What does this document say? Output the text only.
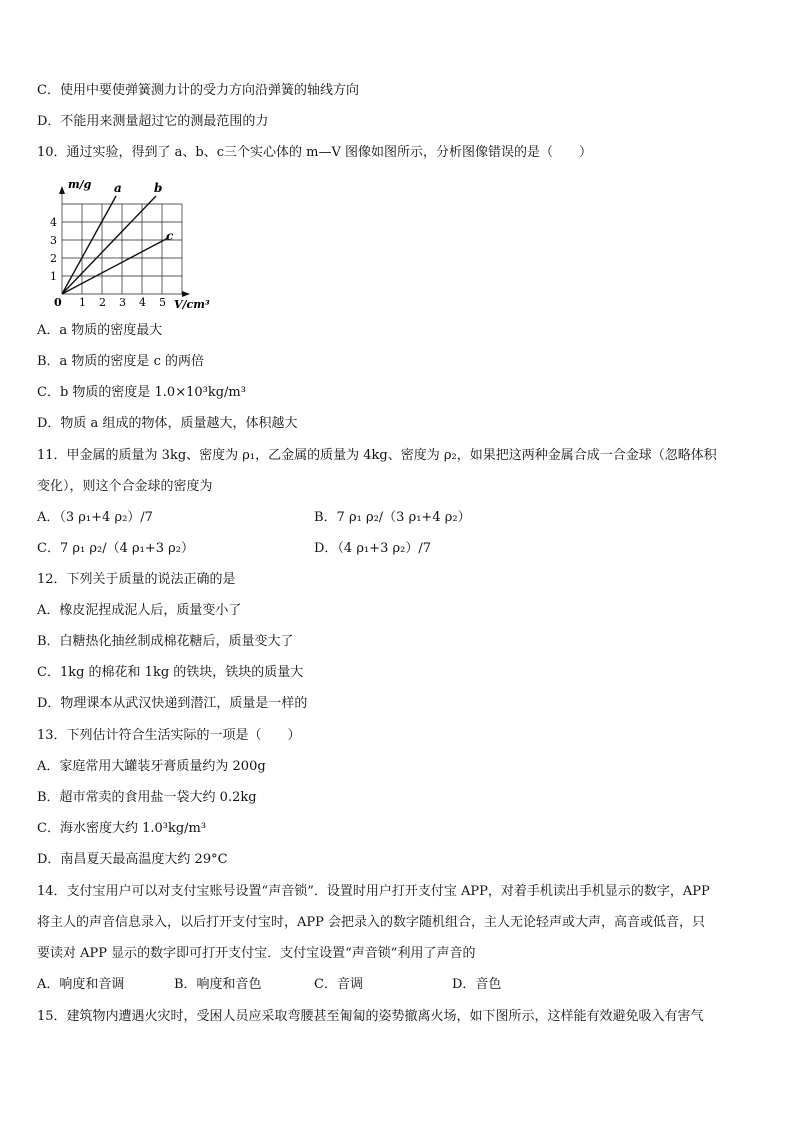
C．使用中要使弹簧测力计的受力方向沿弹簧的轴线方向
D．不能用来测量超过它的测最范围的力
10．通过实验，得到了 a、b、c三个实心体的 m—V 图像如图所示，分析图像错误的是（　　）
m/g
V/cm³
0 1 2 3 4 5
1
2
3
4
a	b
c
A．a 物质的密度最大
B．a 物质的密度是 c 的两倍
C．b 物质的密度是 1.0×10³kg/m³
D．物质 a 组成的物体，质量越大，体积越大
11．甲金属的质量为 3kg、密度为 ρ₁，乙金属的质量为 4kg、密度为 ρ₂，如果把这两种金属合成一合金球（忽略体积
变化），则这个合金球的密度为
A．（3 ρ₁+4 ρ₂）/7	B．7 ρ₁ ρ₂/（3 ρ₁+4 ρ₂）
C．7 ρ₁ ρ₂/（4 ρ₁+3 ρ₂）	D．（4 ρ₁+3 ρ₂）/7
12．下列关于质量的说法正确的是
A．橡皮泥捏成泥人后，质量变小了
B．白糖热化抽丝制成棉花糖后，质量变大了
C．1kg 的棉花和 1kg 的铁块，铁块的质量大
D．物理课本从武汉快递到潜江，质量是一样的
13．下列估计符合生活实际的一项是（　　）
A．家庭常用大罐装牙膏质量约为 200g
B．超市常卖的食用盐一袋大约 0.2kg
C．海水密度大约 1.0³kg/m³
D．南昌夏天最高温度大约 29°C
14．支付宝用户可以对支付宝账号设置“声音锁”．设置时用户打开支付宝 APP，对着手机读出手机显示的数字，APP
将主人的声音信息录入，以后打开支付宝时，APP 会把录入的数字随机组合，主人无论轻声或大声，高音或低音，只
要读对 APP 显示的数字即可打开支付宝．支付宝设置“声音锁”利用了声音的
A．响度和音调	B．响度和音色	C．音调	D．音色
15．建筑物内遭遇火灾时，受困人员应采取弯腰甚至匍匐的姿势撤离火场，如下图所示，这样能有效避免吸入有害气
